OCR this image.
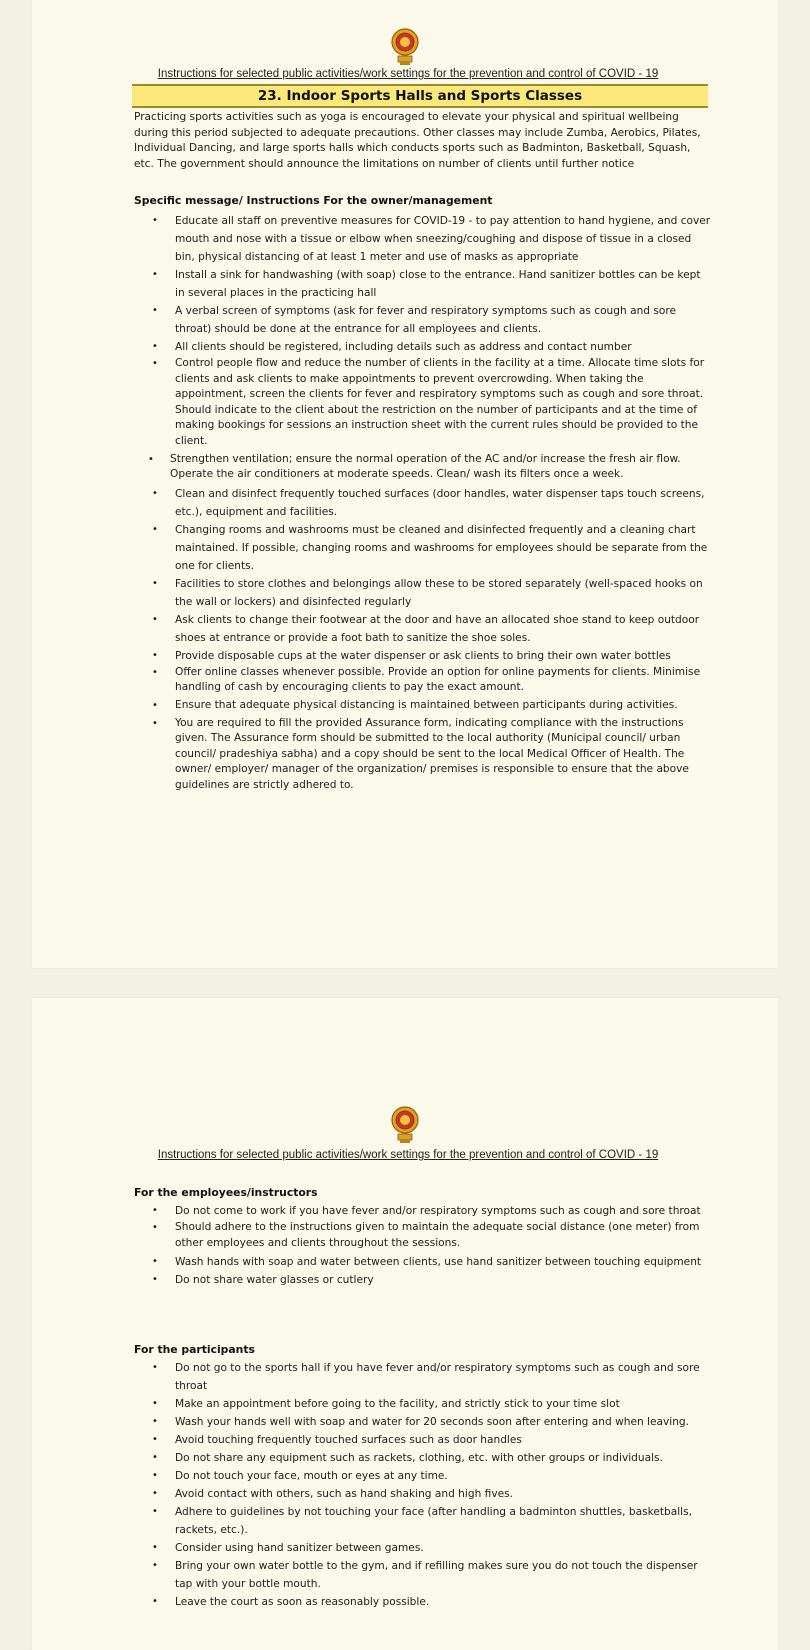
Instructions for selected public activities/work settings for the prevention and control of COVID - 19
23. Indoor Sports Halls and Sports Classes
Practicing sports activities such as yoga is encouraged to elevate your physical and spiritual wellbeing during this period subjected to adequate precautions. Other classes may include Zumba, Aerobics, Pilates, Individual Dancing, and large sports halls which conducts sports such as Badminton, Basketball, Squash, etc. The government should announce the limitations on number of clients until further notice
Specific message/ Instructions For the owner/management
• Educate all staff on preventive measures for COVID-19 - to pay attention to hand hygiene, and cover mouth and nose with a tissue or elbow when sneezing/coughing and dispose of tissue in a closed bin, physical distancing of at least 1 meter and use of masks as appropriate
• Install a sink for handwashing (with soap) close to the entrance. Hand sanitizer bottles can be kept in several places in the practicing hall
• A verbal screen of symptoms (ask for fever and respiratory symptoms such as cough and sore throat) should be done at the entrance for all employees and clients.
• All clients should be registered, including details such as address and contact number
• Control people flow and reduce the number of clients in the facility at a time. Allocate time slots for clients and ask clients to make appointments to prevent overcrowding. When taking the appointment, screen the clients for fever and respiratory symptoms such as cough and sore throat. Should indicate to the client about the restriction on the number of participants and at the time of making bookings for sessions an instruction sheet with the current rules should be provided to the client.
• Strengthen ventilation; ensure the normal operation of the AC and/or increase the fresh air flow. Operate the air conditioners at moderate speeds. Clean/ wash its filters once a week.
• Clean and disinfect frequently touched surfaces (door handles, water dispenser taps touch screens, etc.), equipment and facilities.
• Changing rooms and washrooms must be cleaned and disinfected frequently and a cleaning chart maintained. If possible, changing rooms and washrooms for employees should be separate from the one for clients.
• Facilities to store clothes and belongings allow these to be stored separately (well-spaced hooks on the wall or lockers) and disinfected regularly
• Ask clients to change their footwear at the door and have an allocated shoe stand to keep outdoor shoes at entrance or provide a foot bath to sanitize the shoe soles.
• Provide disposable cups at the water dispenser or ask clients to bring their own water bottles
• Offer online classes whenever possible. Provide an option for online payments for clients. Minimise handling of cash by encouraging clients to pay the exact amount.
• Ensure that adequate physical distancing is maintained between participants during activities.
• You are required to fill the provided Assurance form, indicating compliance with the instructions given. The Assurance form should be submitted to the local authority (Municipal council/ urban council/ pradeshiya sabha) and a copy should be sent to the local Medical Officer of Health. The owner/ employer/ manager of the organization/ premises is responsible to ensure that the above guidelines are strictly adhered to.
Instructions for selected public activities/work settings for the prevention and control of COVID - 19
For the employees/instructors
• Do not come to work if you have fever and/or respiratory symptoms such as cough and sore throat
• Should adhere to the instructions given to maintain the adequate social distance (one meter) from other employees and clients throughout the sessions.
• Wash hands with soap and water between clients, use hand sanitizer between touching equipment
• Do not share water glasses or cutlery
For the participants
• Do not go to the sports hall if you have fever and/or respiratory symptoms such as cough and sore throat
• Make an appointment before going to the facility, and strictly stick to your time slot
• Wash your hands well with soap and water for 20 seconds soon after entering and when leaving.
• Avoid touching frequently touched surfaces such as door handles
• Do not share any equipment such as rackets, clothing, etc. with other groups or individuals.
• Do not touch your face, mouth or eyes at any time.
• Avoid contact with others, such as hand shaking and high fives.
• Adhere to guidelines by not touching your face (after handling a badminton shuttles, basketballs, rackets, etc.).
• Consider using hand sanitizer between games.
• Bring your own water bottle to the gym, and if refilling makes sure you do not touch the dispenser tap with your bottle mouth.
• Leave the court as soon as reasonably possible.
